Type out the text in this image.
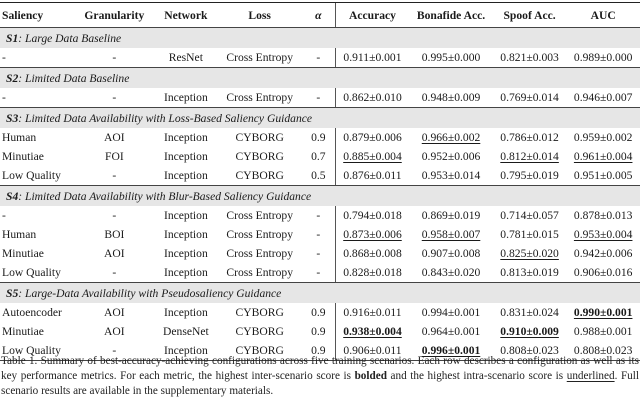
Saliency	Granularity	Network	Loss	α	Accuracy	Bonafide Acc.	Spoof Acc.	AUC
S1: Large Data Baseline								
-	-	ResNet	Cross Entropy	-	0.911±0.001	0.995±0.000	0.821±0.003	0.989±0.000
S2: Limited Data Baseline								
-	-	Inception	Cross Entropy	-	0.862±0.010	0.948±0.009	0.769±0.014	0.946±0.007
S3: Limited Data Availability with Loss-Based Saliency Guidance								
Human	AOI	Inception	CYBORG	0.9	0.879±0.006	0.966±0.002	0.786±0.012	0.959±0.002
Minutiae	FOI	Inception	CYBORG	0.7	0.885±0.004	0.952±0.006	0.812±0.014	0.961±0.004
Low Quality	-	Inception	CYBORG	0.5	0.876±0.011	0.953±0.014	0.795±0.019	0.951±0.005
S4: Limited Data Availability with Blur-Based Saliency Guidance								
-	-	Inception	Cross Entropy	-	0.794±0.018	0.869±0.019	0.714±0.057	0.878±0.013
Human	BOI	Inception	Cross Entropy	-	0.873±0.006	0.958±0.007	0.781±0.015	0.953±0.004
Minutiae	AOI	Inception	Cross Entropy	-	0.868±0.008	0.907±0.008	0.825±0.020	0.942±0.006
Low Quality	-	Inception	Cross Entropy	-	0.828±0.018	0.843±0.020	0.813±0.019	0.906±0.016
S5: Large-Data Availability with Pseudosaliency Guidance								
Autoencoder	AOI	Inception	CYBORG	0.9	0.916±0.011	0.994±0.001	0.831±0.024	0.990±0.001
Minutiae	AOI	DenseNet	CYBORG	0.9	0.938±0.004	0.964±0.001	0.910±0.009	0.988±0.001
Low Quality	-	Inception	CYBORG	0.9	0.906±0.011	0.996±0.001	0.808±0.023	0.808±0.023
Table 1. Summary of best-accuracy-achieving configurations across five training scenarios. Each row describes a configuration as well as its key performance metrics. For each metric, the highest inter-scenario score is bolded and the highest intra-scenario score is underlined. Full scenario results are available in the supplementary materials.
